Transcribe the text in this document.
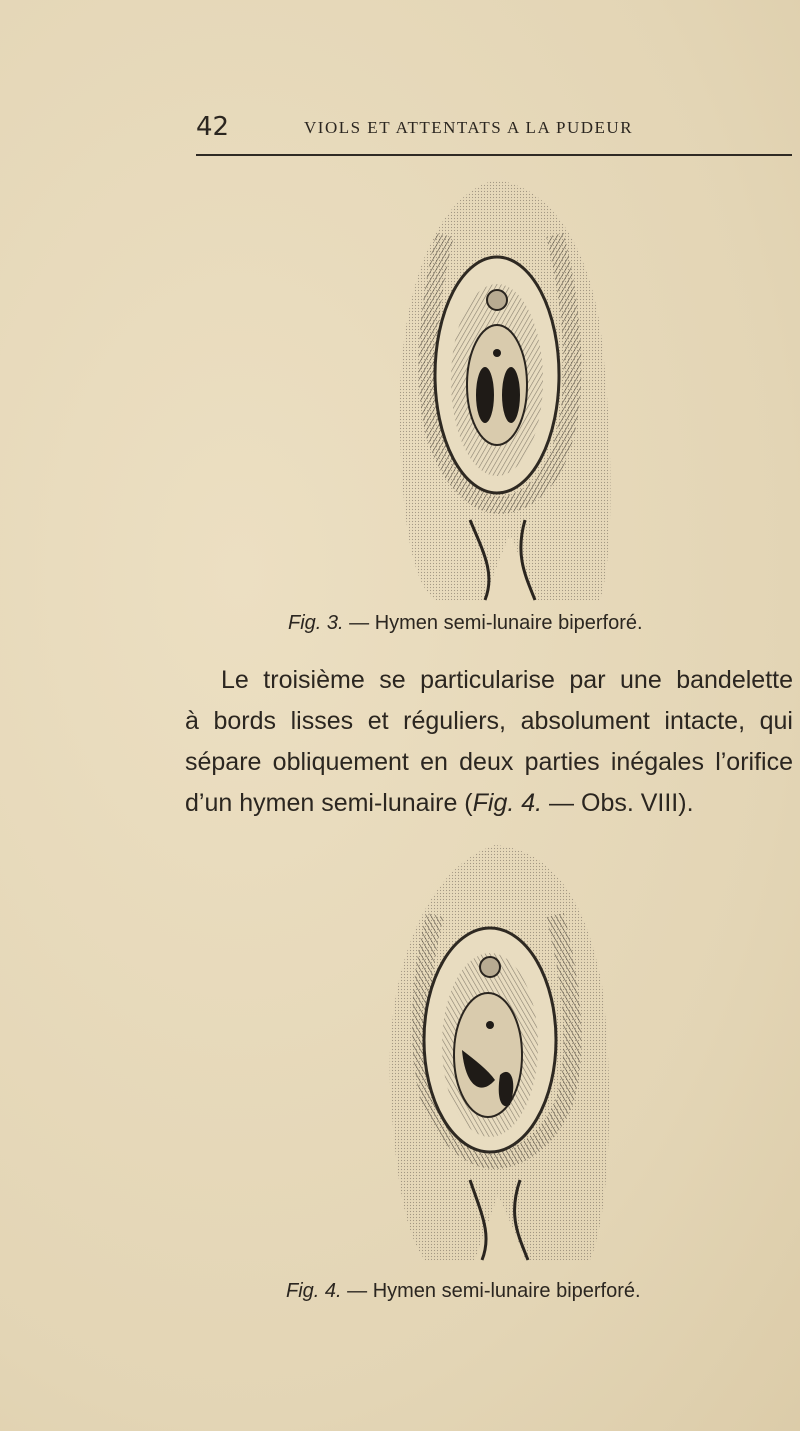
42	VIOLS ET ATTENTATS A LA PUDEUR
Fig. 3. — Hymen semi-lunaire biperforé.
Le troisième se particularise par une bandelette
à bords lisses et réguliers, absolument intacte, qui
sépare obliquement en deux parties inégales l’orifice
d’un hymen semi-lunaire (Fig. 4. — Obs. VIII).
Fig. 4. — Hymen semi-lunaire biperforé.
